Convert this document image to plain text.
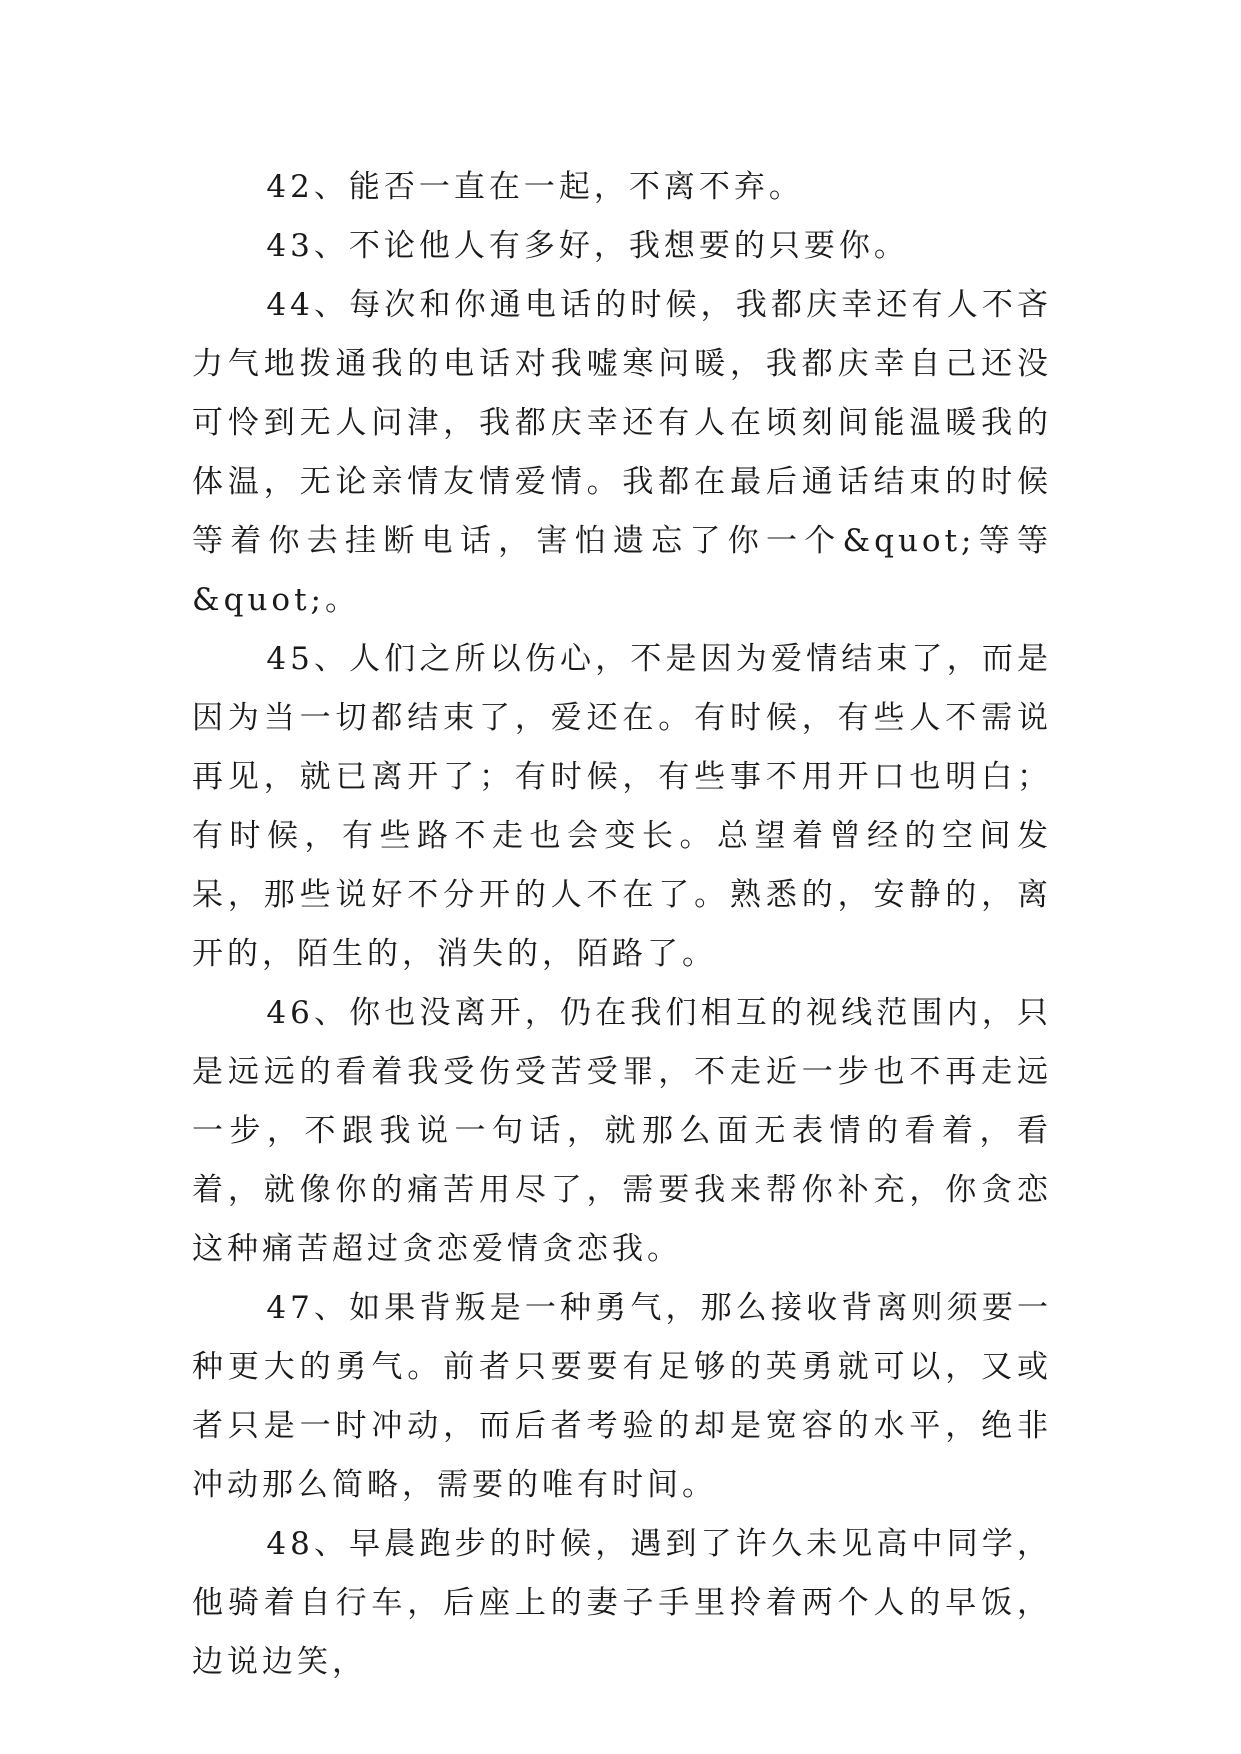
42、能否一直在一起，不离不弃。

43、不论他人有多好，我想要的只要你。

44、每次和你通电话的时候，我都庆幸还有人不吝力气地拨通我的电话对我嘘寒问暖，我都庆幸自己还没可怜到无人问津，我都庆幸还有人在顷刻间能温暖我的体温，无论亲情友情爱情。我都在最后通话结束的时候等着你去挂断电话，害怕遗忘了你一个&quot;等等&quot;。

45、人们之所以伤心，不是因为爱情结束了，而是因为当一切都结束了，爱还在。有时候，有些人不需说再见，就已离开了；有时候，有些事不用开口也明白；有时候，有些路不走也会变长。总望着曾经的空间发呆，那些说好不分开的人不在了。熟悉的，安静的，离开的，陌生的，消失的，陌路了。

46、你也没离开，仍在我们相互的视线范围内，只是远远的看着我受伤受苦受罪，不走近一步也不再走远一步，不跟我说一句话，就那么面无表情的看着，看着，就像你的痛苦用尽了，需要我来帮你补充，你贪恋这种痛苦超过贪恋爱情贪恋我。

47、如果背叛是一种勇气，那么接收背离则须要一种更大的勇气。前者只要要有足够的英勇就可以，又或者只是一时冲动，而后者考验的却是宽容的水平，绝非冲动那么简略，需要的唯有时间。

48、早晨跑步的时候，遇到了许久未见高中同学，他骑着自行车，后座上的妻子手里拎着两个人的早饭，边说边笑，
